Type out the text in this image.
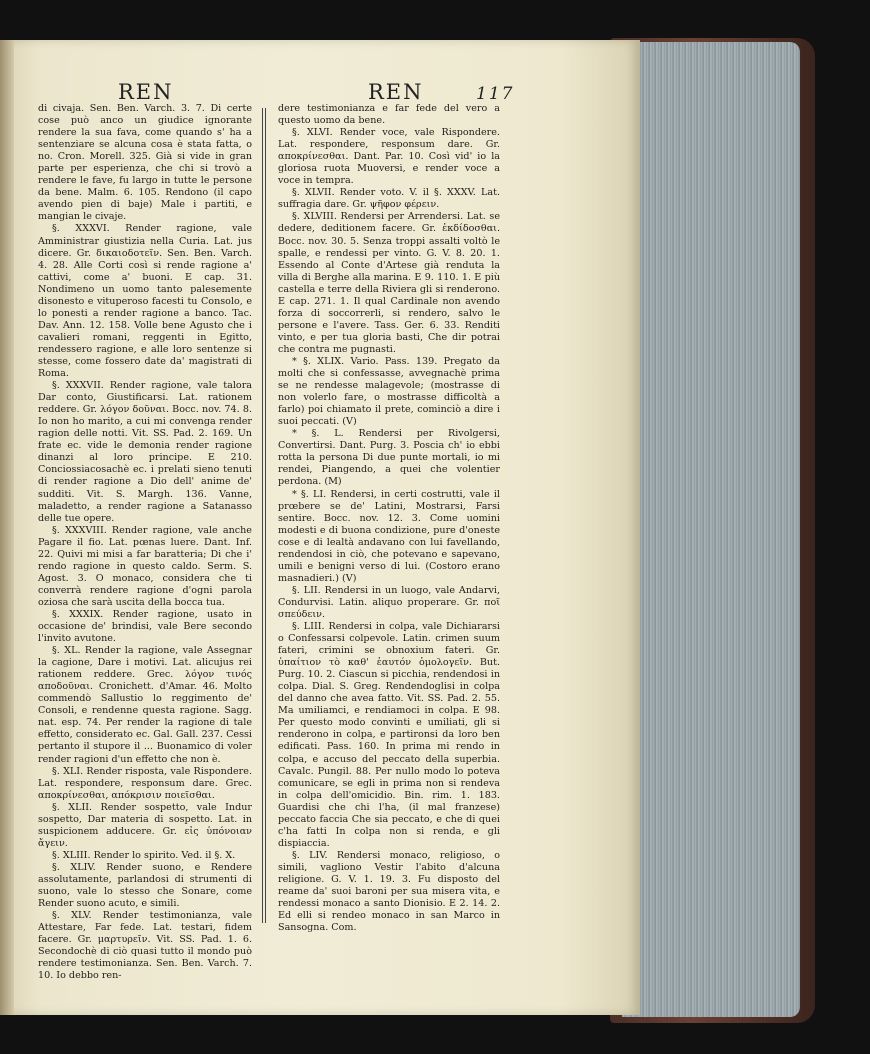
REN	REN	117

di civaja. Sen. Ben. Varch. 3. 7. Di certe cose può anco un giudice ignorante rendere la sua fava, come quando s' ha a sentenziare se alcuna cosa è stata fatta, o no. Cron. Morell. 325. Già si vide in gran parte per esperienza, che chi si trovò a rendere le fave, fu largo in tutte le persone da bene. Malm. 6. 105. Rendono (il capo avendo pien di baje) Male i partiti, e mangian le civaje.

§. XXXVI. Render ragione, vale Amministrar giustizia nella Curia. Lat. jus dicere. Gr. δικαιοδοτεῖν. Sen. Ben. Varch. 4. 28. Alle Corti così si rende ragione a' cattivi, come a' buoni. E cap. 31. Nondimeno un uomo tanto palesemente disonesto e vituperoso facesti tu Consolo, e lo ponesti a render ragione a banco. Tac. Dav. Ann. 12. 158. Volle bene Agusto che i cavalieri romani, reggenti in Egitto, rendessero ragione, e alle loro sentenze si stesse, come fossero date da' magistrati di Roma.

§. XXXVII. Render ragione, vale talora Dar conto, Giustificarsi. Lat. rationem reddere. Gr. λόγον δοῦναι. Bocc. nov. 74. 8. Io non ho marito, a cui mi convenga render ragion delle notti. Vit. SS. Pad. 2. 169. Un frate ec. vide le demonia render ragione dinanzi al loro principe. E 210. Conciossiacosachè ec. i prelati sieno tenuti di render ragione a Dio dell' anime de' sudditi. Vit. S. Margh. 136. Vanne, maladetto, a render ragione a Satanasso delle tue opere.

§. XXXVIII. Render ragione, vale anche Pagare il fio. Lat. pœnas luere. Dant. Inf. 22. Quivi mi misi a far baratteria; Di che i' rendo ragione in questo caldo. Serm. S. Agost. 3. O monaco, considera che ti converrà rendere ragione d'ogni parola oziosa che sarà uscita della bocca tua.

§. XXXIX. Render ragione, usato in occasione de' brindisi, vale Bere secondo l'invito avutone.

§. XL. Render la ragione, vale Assegnar la cagione, Dare i motivi. Lat. alicujus rei rationem reddere. Grec. λόγον τινός αποδοῦναι. Cronichett. d'Amar. 46. Molto commendò Sallustio lo reggimento de' Consoli, e rendenne questa ragione. Sagg. nat. esp. 74. Per render la ragione di tale effetto, considerato ec. Gal. Gall. 237. Cessi pertanto il stupore il ... Buonamico di voler render ragioni d'un effetto che non è.

§. XLI. Render risposta, vale Rispondere. Lat. respondere, responsum dare. Grec. αποκρίνεσθαι, απόκρισιν ποιεῖσθαι.

§. XLII. Render sospetto, vale Indur sospetto, Dar materia di sospetto. Lat. in suspicionem adducere. Gr. εἰς ὑπόνοιαν ἄγειν.

§. XLIII. Render lo spirito. Ved. il §. X.

§. XLIV. Render suono, e Rendere assolutamente, parlandosi di strumenti di suono, vale lo stesso che Sonare, come Render suono acuto, e simili.

§. XLV. Render testimonianza, vale Attestare, Far fede. Lat. testari, fidem facere. Gr. μαρτυρεῖν. Vit. SS. Pad. 1. 6. Secondochè di ciò quasi tutto il mondo può rendere testimonianza. Sen. Ben. Varch. 7. 10. Io debbo ren-

dere testimonianza e far fede del vero a questo uomo da bene.

§. XLVI. Render voce, vale Rispondere. Lat. respondere, responsum dare. Gr. αποκρίνεσθαι. Dant. Par. 10. Così vid' io la gloriosa ruota Muoversi, e render voce a voce in tempra.

§. XLVII. Render voto. V. il §. XXXV. Lat. suffragia dare. Gr. ψῆφον φέρειν.

§. XLVIII. Rendersi per Arrendersi. Lat. se dedere, deditionem facere. Gr. ἐκδίδοσθαι. Bocc. nov. 30. 5. Senza troppi assalti voltò le spalle, e rendessi per vinto. G. V. 8. 20. 1. Essendo al Conte d'Artese già renduta la villa di Berghe alla marina. E 9. 110. 1. E più castella e terre della Riviera gli si renderono. E cap. 271. 1. Il qual Cardinale non avendo forza di soccorrerli, si rendero, salvo le persone e l'avere. Tass. Ger. 6. 33. Renditi vinto, e per tua gloria basti, Che dir potrai che contra me pugnasti.

* §. XLIX. Vario. Pass. 139. Pregato da molti che si confessasse, avvegnachè prima se ne rendesse malagevole; (mostrasse di non volerlo fare, o mostrasse difficoltà a farlo) poi chiamato il prete, cominciò a dire i suoi peccati. (V)

* §. L. Rendersi per Rivolgersi, Convertirsi. Dant. Purg. 3. Poscia ch' io ebbi rotta la persona Di due punte mortali, io mi rendei, Piangendo, a quei che volentier perdona. (M)

* §. LI. Rendersi, in certi costrutti, vale il prœbere se de' Latini, Mostrarsi, Farsi sentire. Bocc. nov. 12. 3. Come uomini modesti e di buona condizione, pure d'oneste cose e di lealtà andavano con lui favellando, rendendosi in ciò, che potevano e sapevano, umili e benigni verso di lui. (Costoro erano masnadieri.) (V)

§. LII. Rendersi in un luogo, vale Andarvi, Condurvisi. Latin. aliquo properare. Gr. ποῖ σπεύδειν.

§. LIII. Rendersi in colpa, vale Dichiararsi o Confessarsi colpevole. Latin. crimen suum fateri, crimini se obnoxium fateri. Gr. ὑπαίτιον τὸ καθ' ἑαυτόν ὁμολογεῖν. But. Purg. 10. 2. Ciascun si picchia, rendendosi in colpa. Dial. S. Greg. Rendendoglisi in colpa del danno che avea fatto. Vit. SS. Pad. 2. 55. Ma umiliamci, e rendiamoci in colpa. E 98. Per questo modo convinti e umiliati, gli si renderono in colpa, e partironsi da loro ben edificati. Pass. 160. In prima mi rendo in colpa, e accuso del peccato della superbia. Cavalc. Pungil. 88. Per nullo modo lo poteva comunicare, se egli in prima non si rendeva in colpa dell'omicidio. Bin. rim. 1. 183. Guardisi che chi l'ha, (il mal franzese) peccato faccia Che sia peccato, e che di quei c'ha fatti In colpa non si renda, e gli dispiaccia.

§. LIV. Rendersi monaco, religioso, o simili, vagliono Vestir l'abito d'alcuna religione. G. V. 1. 19. 3. Fu disposto del reame da' suoi baroni per sua misera vita, e rendessi monaco a santo Dionisio. E 2. 14. 2. Ed elli si rendeo monaco in san Marco in Sansogna. Com.
